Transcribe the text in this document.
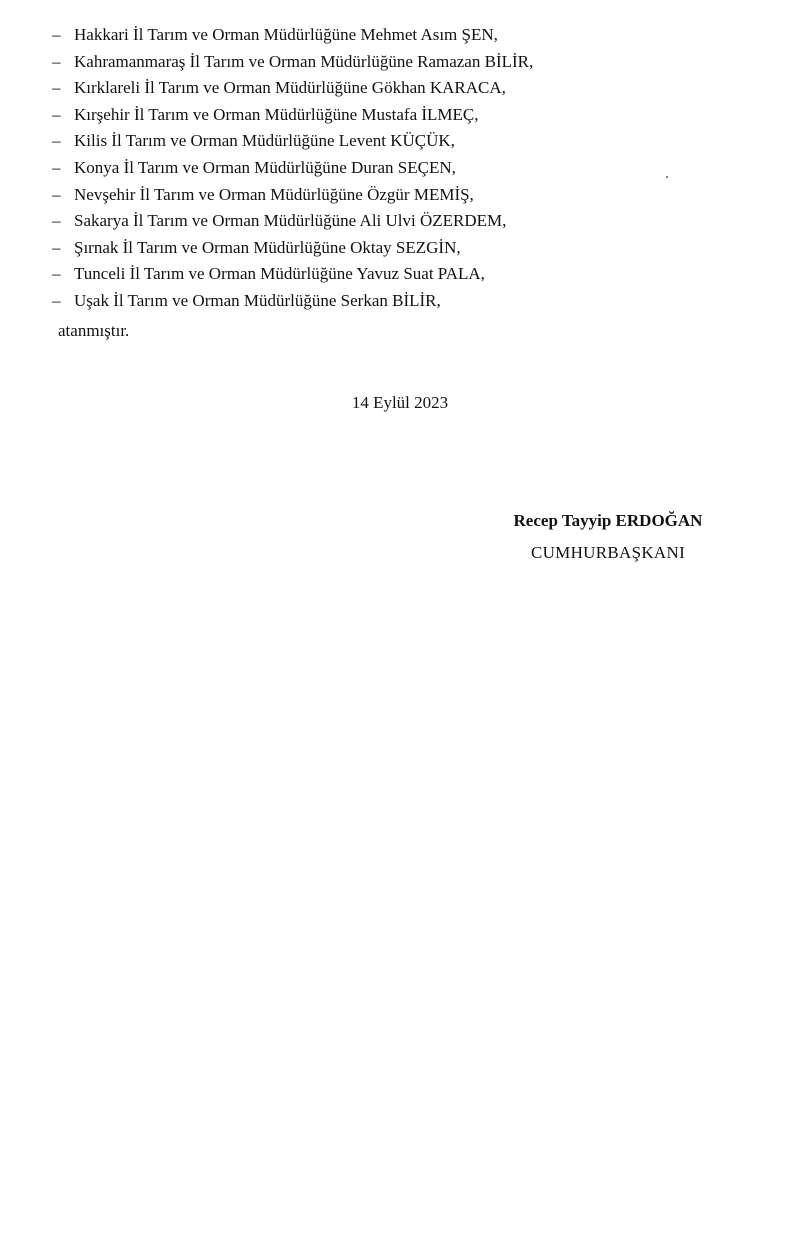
– Hakkari İl Tarım ve Orman Müdürlüğüne Mehmet Asım ŞEN,
– Kahramanmaraş İl Tarım ve Orman Müdürlüğüne Ramazan BİLİR,
– Kırklareli İl Tarım ve Orman Müdürlüğüne Gökhan KARACA,
– Kırşehir İl Tarım ve Orman Müdürlüğüne Mustafa İLMEÇ,
– Kilis İl Tarım ve Orman Müdürlüğüne Levent KÜÇÜK,
– Konya İl Tarım ve Orman Müdürlüğüne Duran SEÇEN,
– Nevşehir İl Tarım ve Orman Müdürlüğüne Özgür MEMİŞ,
– Sakarya İl Tarım ve Orman Müdürlüğüne Ali Ulvi ÖZERDEM,
– Şırnak İl Tarım ve Orman Müdürlüğüne Oktay SEZGİN,
– Tunceli İl Tarım ve Orman Müdürlüğüne Yavuz Suat PALA,
– Uşak İl Tarım ve Orman Müdürlüğüne Serkan BİLİR,
atanmıştır.
14 Eylül 2023
Recep Tayyip ERDOĞAN
CUMHURBAŞKANI
